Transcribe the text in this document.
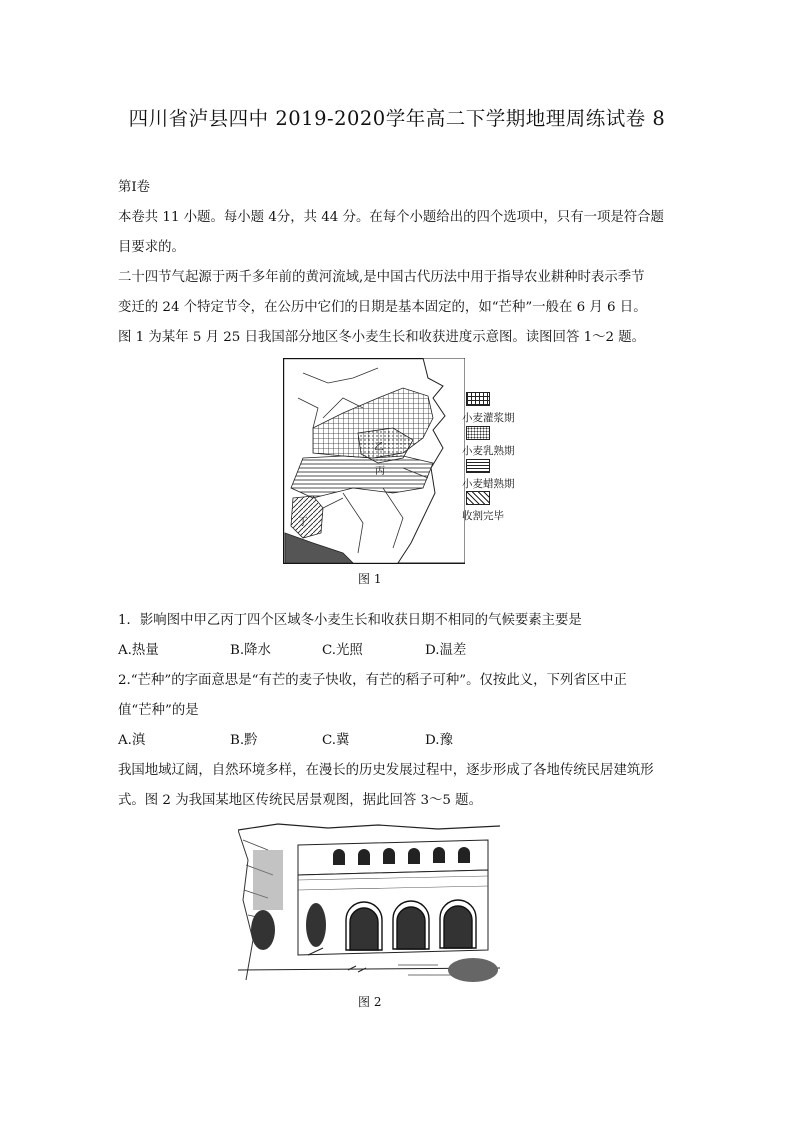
四川省泸县四中 2019-2020学年高二下学期地理周练试卷 8
第Ⅰ卷
本卷共 11 小题。每小题 4分，共 44 分。在每个小题给出的四个选项中，只有一项是符合题
目要求的。
二十四节气起源于两千多年前的黄河流域,是中国古代历法中用于指导农业耕种时表示季节
变迁的 24 个特定节令，在公历中它们的日期是基本固定的，如“芒种”一般在 6 月 6 日。
图 1 为某年 5 月 25 日我国部分地区冬小麦生长和收获进度示意图。读图回答 1～2 题。
乙
丙
丁
小麦灌浆期
小麦乳熟期
小麦蜡熟期
收割完毕
图 1
1．影响图中甲乙丙丁四个区域冬小麦生长和收获日期不相同的气候要素主要是
A.热量	B.降水	C.光照	D.温差
2.“芒种”的字面意思是“有芒的麦子快收，有芒的稻子可种”。仅按此义，下列省区中正
值“芒种”的是
A.滇	B.黔	C.冀	D.豫
我国地域辽阔，自然环境多样，在漫长的历史发展过程中，逐步形成了各地传统民居建筑形
式。图 2 为我国某地区传统民居景观图，据此回答 3～5 题。
图 2
